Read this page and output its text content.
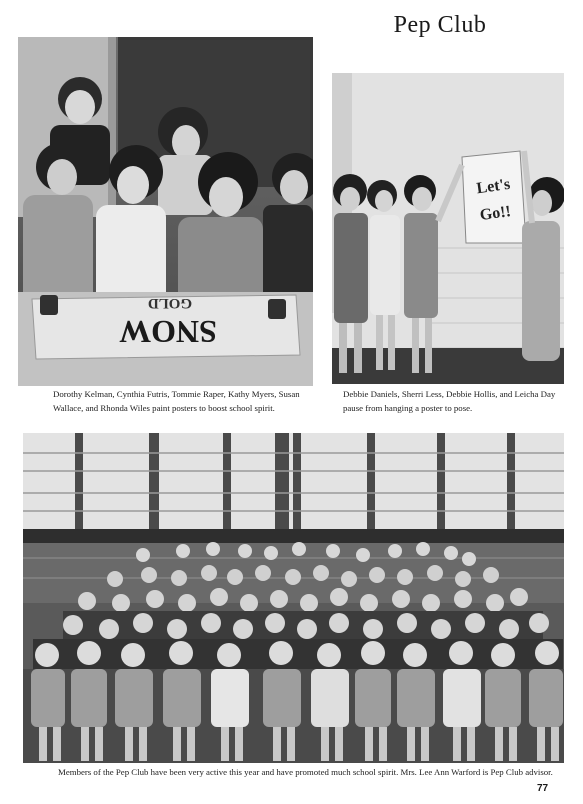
Pep Club
GOLD
SNOW
Dorothy Kelman, Cynthia Futris, Tommie Raper, Kathy Myers, Susan Wallace, and Rhonda Wiles paint posters to boost school spirit.
Let's
Go!!
Debbie Daniels, Sherri Less, Debbie Hollis, and Leicha Day pause from hanging a poster to pose.
Members of the Pep Club have been very active this year and have promoted much school spirit. Mrs. Lee Ann Warford is Pep Club advisor.
77
